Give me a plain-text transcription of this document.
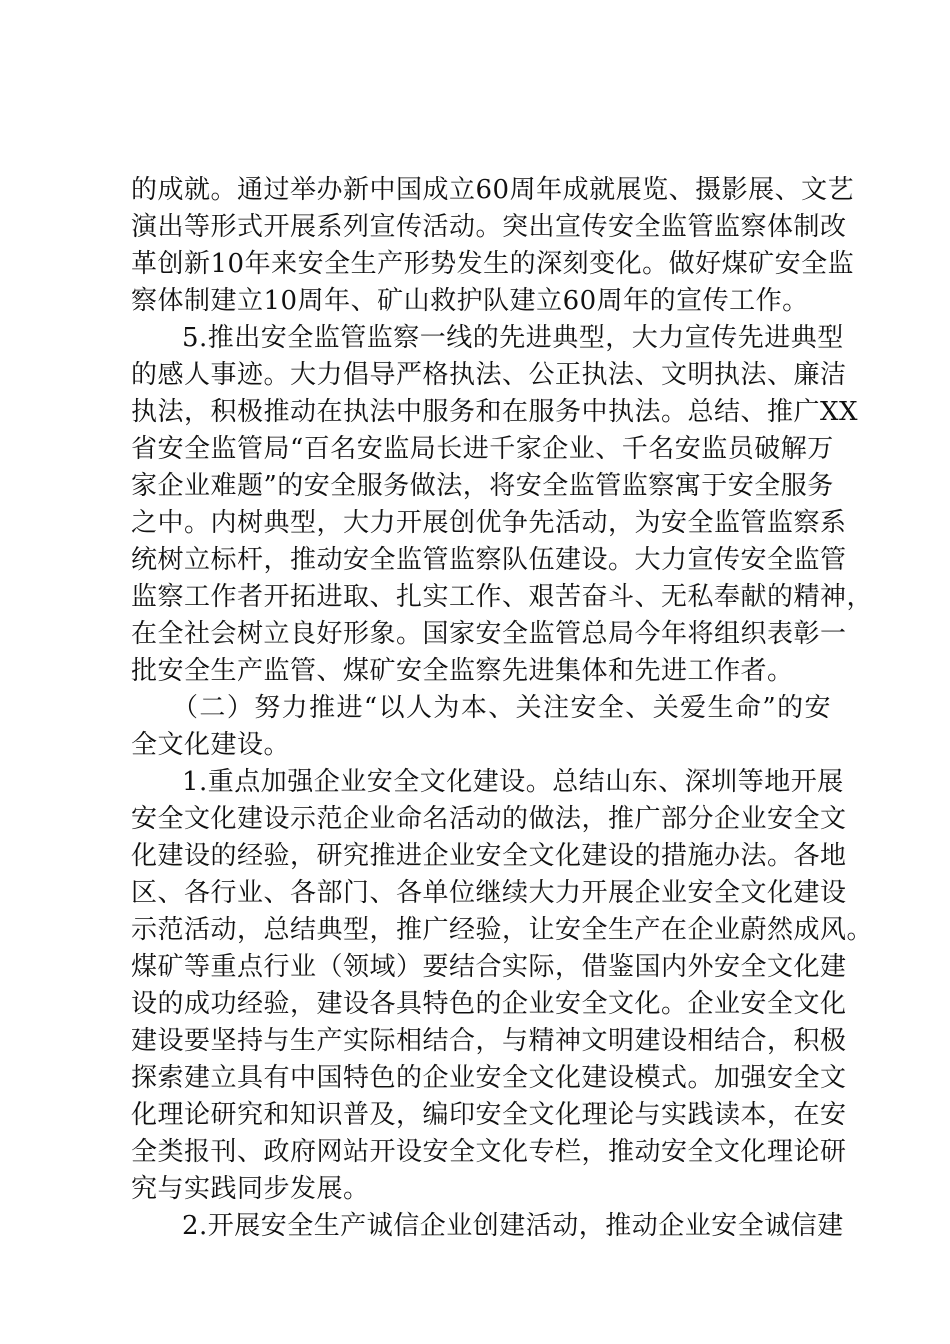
的成就。通过举办新中国成立60周年成就展览、摄影展、文艺
演出等形式开展系列宣传活动。突出宣传安全监管监察体制改
革创新10年来安全生产形势发生的深刻变化。做好煤矿安全监
察体制建立10周年、矿山救护队建立60周年的宣传工作。
5.推出安全监管监察一线的先进典型，大力宣传先进典型
的感人事迹。大力倡导严格执法、公正执法、文明执法、廉洁
执法，积极推动在执法中服务和在服务中执法。总结、推广XX
省安全监管局“百名安监局长进千家企业、千名安监员破解万
家企业难题”的安全服务做法，将安全监管监察寓于安全服务
之中。内树典型，大力开展创优争先活动，为安全监管监察系
统树立标杆，推动安全监管监察队伍建设。大力宣传安全监管
监察工作者开拓进取、扎实工作、艰苦奋斗、无私奉献的精神，
在全社会树立良好形象。国家安全监管总局今年将组织表彰一
批安全生产监管、煤矿安全监察先进集体和先进工作者。
（二）努力推进“以人为本、关注安全、关爱生命”的安
全文化建设。
1.重点加强企业安全文化建设。总结山东、深圳等地开展
安全文化建设示范企业命名活动的做法，推广部分企业安全文
化建设的经验，研究推进企业安全文化建设的措施办法。各地
区、各行业、各部门、各单位继续大力开展企业安全文化建设
示范活动，总结典型，推广经验，让安全生产在企业蔚然成风。
煤矿等重点行业（领域）要结合实际，借鉴国内外安全文化建
设的成功经验，建设各具特色的企业安全文化。企业安全文化
建设要坚持与生产实际相结合，与精神文明建设相结合，积极
探索建立具有中国特色的企业安全文化建设模式。加强安全文
化理论研究和知识普及，编印安全文化理论与实践读本，在安
全类报刊、政府网站开设安全文化专栏，推动安全文化理论研
究与实践同步发展。
2.开展安全生产诚信企业创建活动，推动企业安全诚信建
